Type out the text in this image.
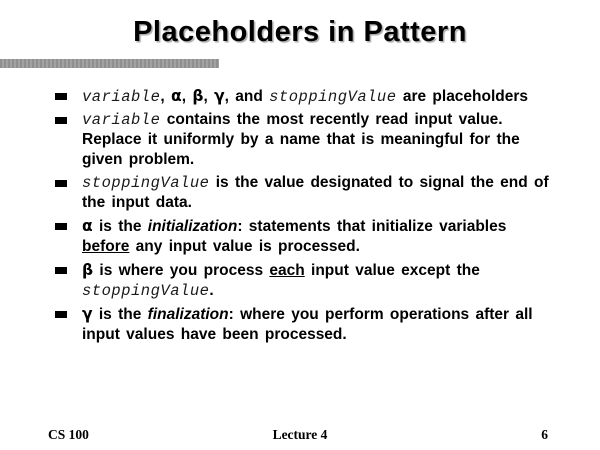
Placeholders in Pattern
variable, α, β, γ, and stoppingValue are placeholders
variable contains the most recently read input value. Replace it uniformly by a name that is meaningful for the given problem.
stoppingValue is the value designated to signal the end of the input data.
α is the initialization: statements that initialize variables before any input value is processed.
β is where you process each input value except the stoppingValue.
γ is the finalization: where you perform operations after all input values have been processed.
CS 100	Lecture 4	6
